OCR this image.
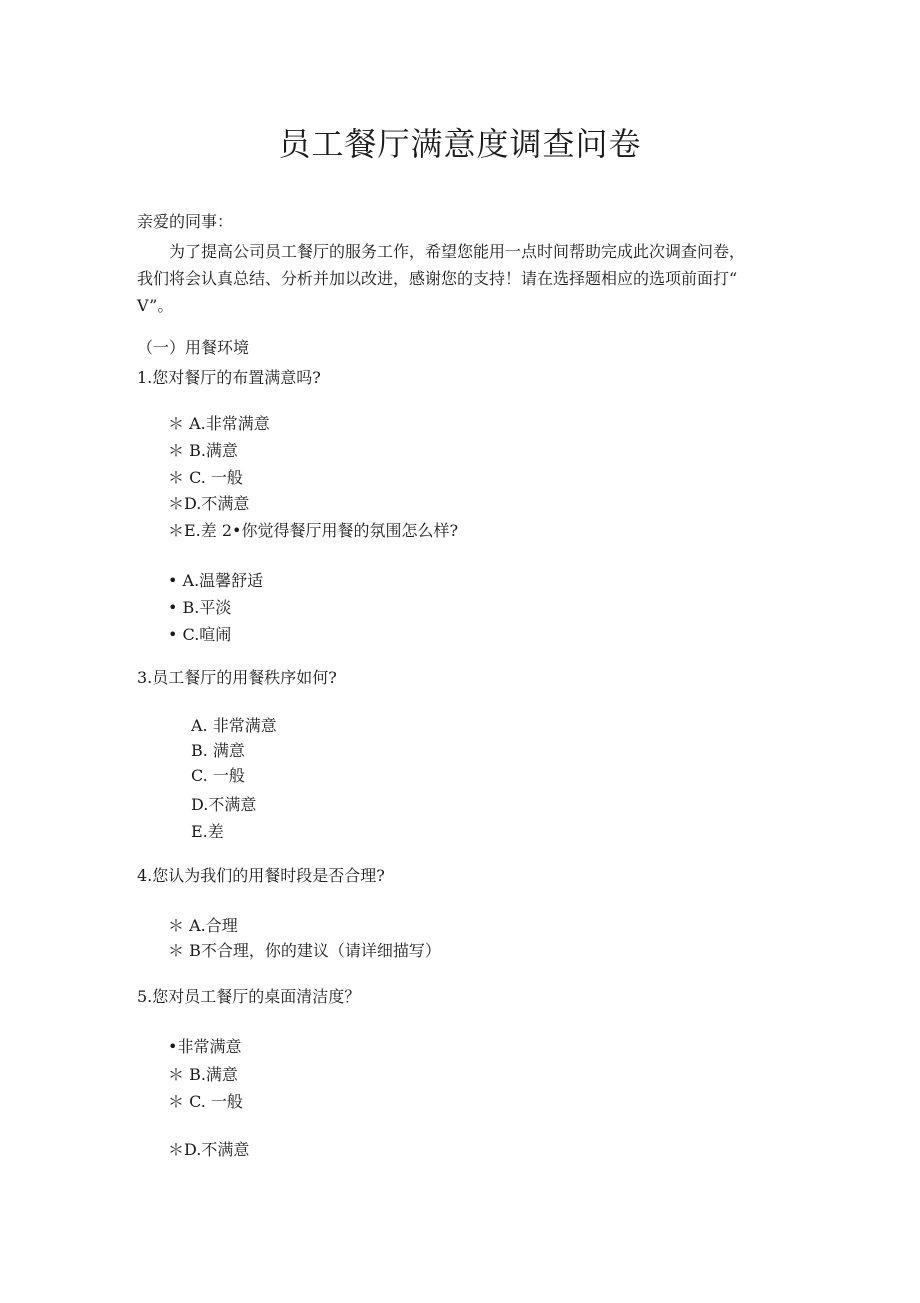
员工餐厅满意度调查问卷
亲爱的同事：
为了提高公司员工餐厅的服务工作，希望您能用一点时间帮助完成此次调查问卷，我们将会认真总结、分析并加以改进，感谢您的支持！请在选择题相应的选项前面打“ V”。
（一）用餐环境
1.您对餐厅的布置满意吗?
＊ A.非常满意
＊ B.满意
＊ C. 一般
＊D.不满意
＊E.差 2•你觉得餐厅用餐的氛围怎么样?
• A.温馨舒适
• B.平淡
• C.喧闹
3.员工餐厅的用餐秩序如何?
A. 非常满意
B. 满意
C. 一般
D.不满意
E.差
4.您认为我们的用餐时段是否合理?
＊ A.合理
＊ B不合理，你的建议（请详细描写）
5.您对员工餐厅的桌面清洁度？
•非常满意
＊ B.满意
＊ C. 一般
＊D.不满意
